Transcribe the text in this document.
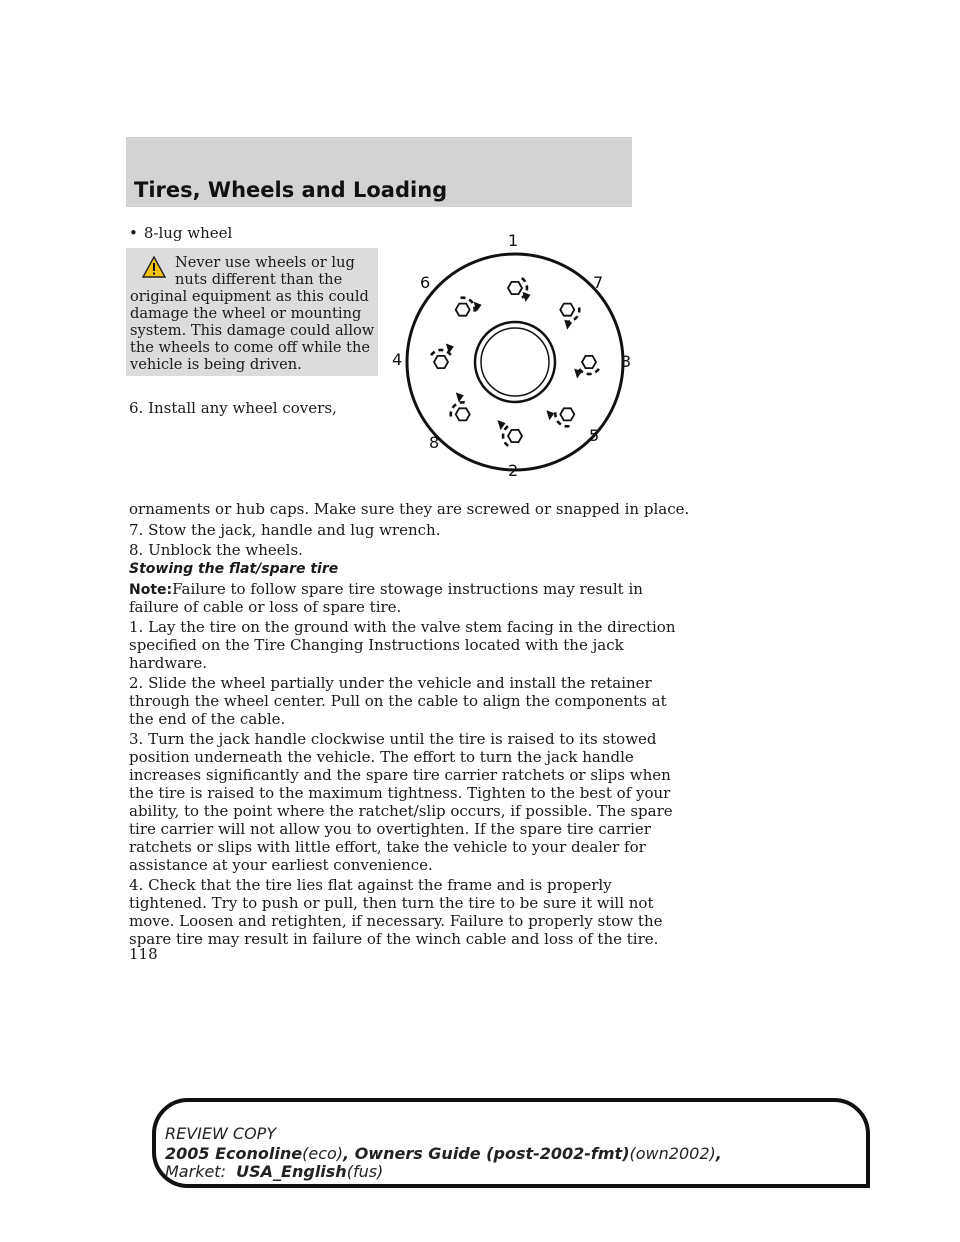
Tires, Wheels and Loading
• 8-lug wheel
Never use wheels or lug
nuts different than the
original equipment as this could
damage the wheel or mounting
system. This damage could allow
the wheels to come off while the
vehicle is being driven.
1
2
3
4
5
6	7
8

6. Install any wheel covers,

ornaments or hub caps. Make sure they are screwed or snapped in place.

7. Stow the jack, handle and lug wrench.

8. Unblock the wheels.

Stowing the flat/spare tire

Note:Failure to follow spare tire stowage instructions may result in

failure of cable or loss of spare tire.

1. Lay the tire on the ground with the valve stem facing in the direction

specified on the Tire Changing Instructions located with the jack

hardware.

2. Slide the wheel partially under the vehicle and install the retainer

through the wheel center. Pull on the cable to align the components at

the end of the cable.

3. Turn the jack handle clockwise until the tire is raised to its stowed

position underneath the vehicle. The effort to turn the jack handle

increases significantly and the spare tire carrier ratchets or slips when

the tire is raised to the maximum tightness. Tighten to the best of your

ability, to the point where the ratchet/slip occurs, if possible. The spare

tire carrier will not allow you to overtighten. If the spare tire carrier

ratchets or slips with little effort, take the vehicle to your dealer for

assistance at your earliest convenience.

4. Check that the tire lies flat against the frame and is properly

tightened. Try to push or pull, then turn the tire to be sure it will not

move. Loosen and retighten, if necessary. Failure to properly stow the

spare tire may result in failure of the winch cable and loss of the tire.

118
REVIEW COPY
2005 Econoline(eco), Owners Guide (post-2002-fmt)(own2002),
Market: USA_English(fus)
